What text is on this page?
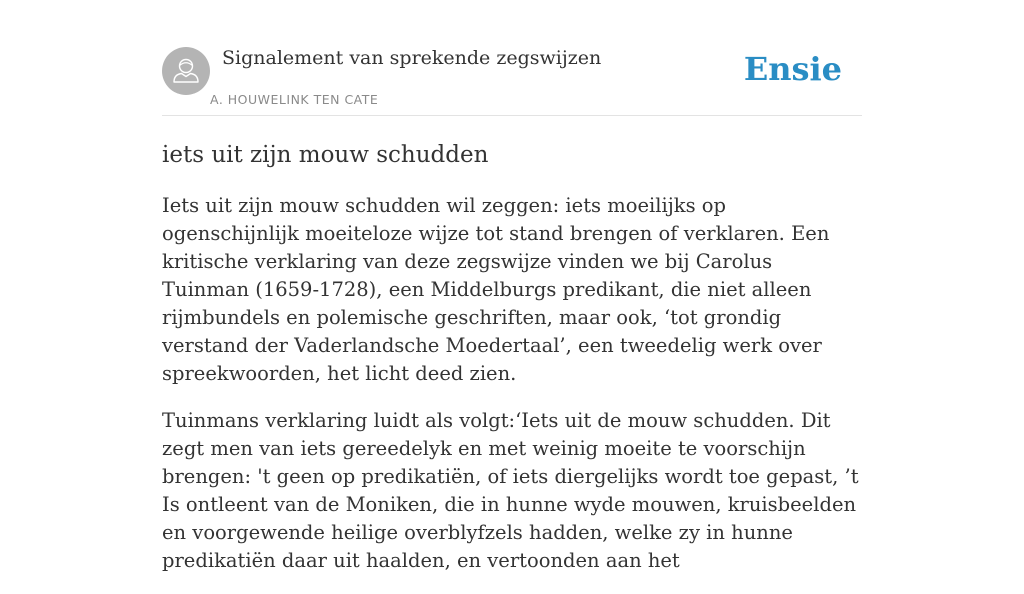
Signalement van sprekende zegswijzen
A. HOUWELINK TEN CATE
Ensie
iets uit zijn mouw schudden

Iets uit zijn mouw schudden wil zeggen: iets moeilijks op ogenschijnlijk moeiteloze wijze tot stand brengen of verklaren. Een kritische verklaring van deze zegswijze vinden we bij Carolus Tuinman (1659-1728), een Middelburgs predikant, die niet alleen rijmbundels en polemische geschriften, maar ook, ‘tot grondig verstand der Vaderlandsche Moedertaal’, een tweedelig werk over spreekwoorden, het licht deed zien.

Tuinmans verklaring luidt als volgt:‘Iets uit de mouw schudden. Dit zegt men van iets gereedelyk en met weinig moeite te voorschijn brengen: 't geen op predikatiën, of iets diergelijks wordt toe gepast, ’t Is ontleent van de Moniken, die in hunne wyde mouwen, kruisbeelden en voorgewende heilige overblyfzels hadden, welke zy in hunne predikatiën daar uit haalden, en vertoonden aan het
